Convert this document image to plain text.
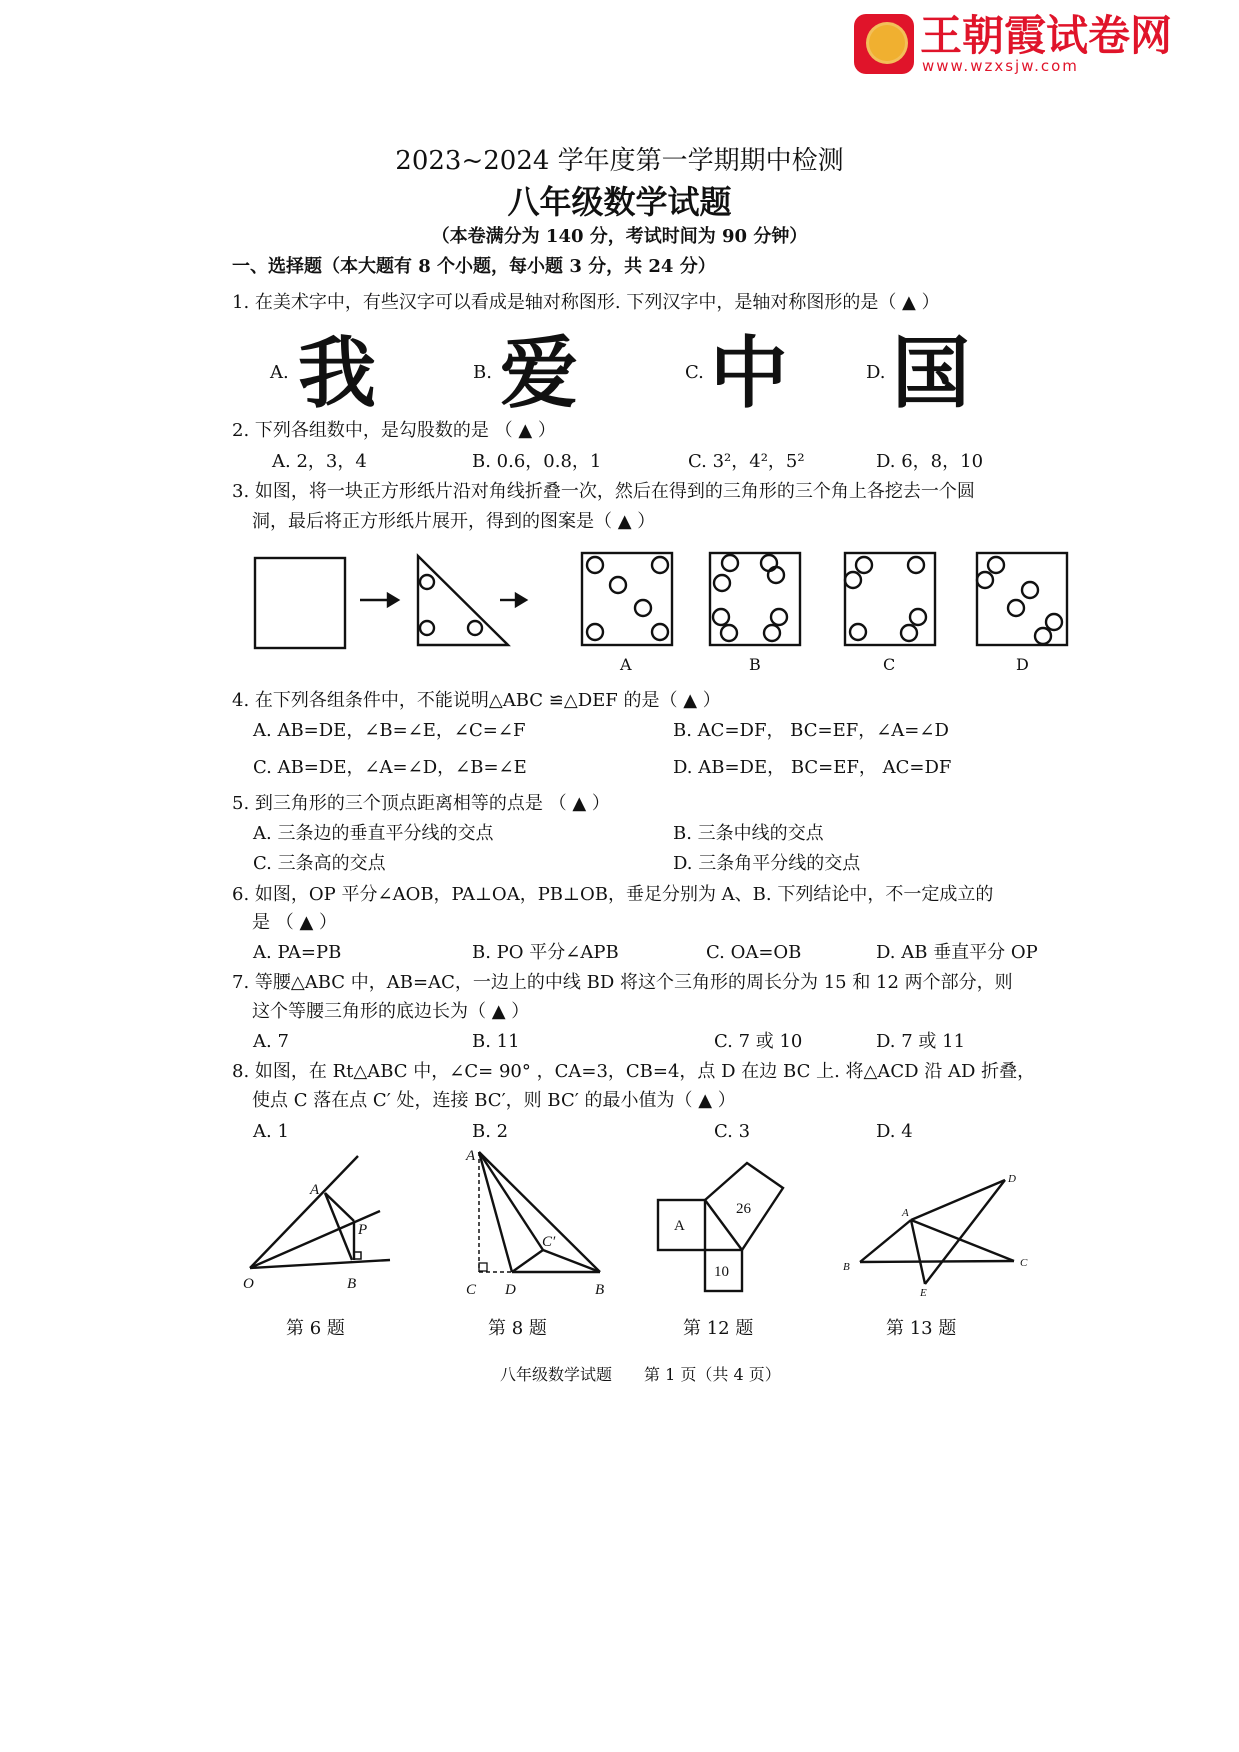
王朝霞试卷网
www.wzxsjw.com
2023~2024 学年度第一学期期中检测
八年级数学试题
（本卷满分为 140 分，考试时间为 90 分钟）
一、选择题（本大题有 8 个小题，每小题 3 分，共 24 分）
1. 在美术字中，有些汉字可以看成是轴对称图形. 下列汉字中，是轴对称图形的是（ ▲ ）
A. 我	B. 爱	C. 中	D. 国
2. 下列各组数中，是勾股数的是 （ ▲ ）
A. 2，3，4	B. 0.6，0.8，1	C. 3²，4²，5²	D. 6，8，10
3. 如图，将一块正方形纸片沿对角线折叠一次，然后在得到的三角形的三个角上各挖去一个圆
洞，最后将正方形纸片展开，得到的图案是（ ▲ ）
A	B	C	D
4. 在下列各组条件中，不能说明△ABC ≌△DEF 的是（ ▲ ）
A. AB=DE，∠B=∠E，∠C=∠F	B. AC=DF， BC=EF，∠A=∠D
C. AB=DE，∠A=∠D，∠B=∠E	D. AB=DE， BC=EF， AC=DF
5. 到三角形的三个顶点距离相等的点是 （ ▲ ）
A. 三条边的垂直平分线的交点	B. 三条中线的交点
C. 三条高的交点	D. 三条角平分线的交点
6. 如图，OP 平分∠AOB，PA⊥OA，PB⊥OB，垂足分别为 A、B. 下列结论中，不一定成立的
是 （ ▲ ）
A. PA=PB	B. PO 平分∠APB	C. OA=OB	D. AB 垂直平分 OP
7. 等腰△ABC 中，AB=AC，一边上的中线 BD 将这个三角形的周长分为 15 和 12 两个部分，则
这个等腰三角形的底边长为（ ▲ ）
A. 7	B. 11	C. 7 或 10	D. 7 或 11
8. 如图，在 Rt△ABC 中，∠C= 90° ，CA=3，CB=4，点 D 在边 BC 上. 将△ACD 沿 AD 折叠，
使点 C 落在点 C′ 处，连接 BC′，则 BC′ 的最小值为（ ▲ ）
A. 1	B. 2	C. 3	D. 4
A
P
O	B
A
C′
C D	B
A
26
10
D
A
B	C
E
第 6 题	第 8 题	第 12 题	第 13 题
八年级数学试题　　第 1 页（共 4 页）
